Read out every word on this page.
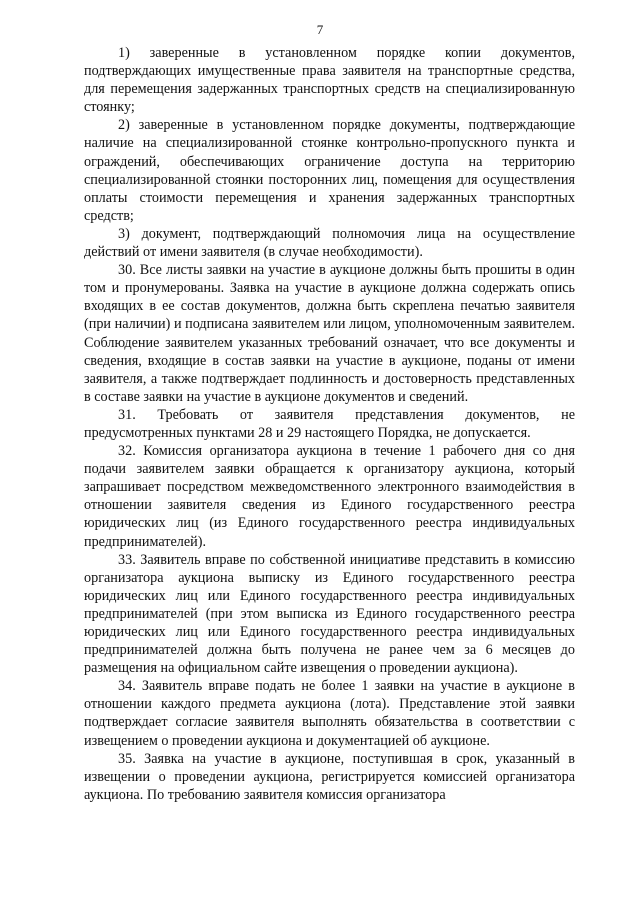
7

1) заверенные в установленном порядке копии документов, подтверждающих имущественные права заявителя на транспортные средства, для перемещения задержанных транспортных средств на специализированную стоянку;

2) заверенные в установленном порядке документы, подтверждающие наличие на специализированной стоянке контрольно-пропускного пункта и ограждений, обеспечивающих ограничение доступа на территорию специализированной стоянки посторонних лиц, помещения для осуществления оплаты стоимости перемещения и хранения задержанных транспортных средств;

3) документ, подтверждающий полномочия лица на осуществление действий от имени заявителя (в случае необходимости).

30. Все листы заявки на участие в аукционе должны быть прошиты в один том и пронумерованы. Заявка на участие в аукционе должна содержать опись входящих в ее состав документов, должна быть скреплена печатью заявителя (при наличии) и подписана заявителем или лицом, уполномоченным заявителем. Соблюдение заявителем указанных требований означает, что все документы и сведения, входящие в состав заявки на участие в аукционе, поданы от имени заявителя, а также подтверждает подлинность и достоверность представленных в составе заявки на участие в аукционе документов и сведений.

31. Требовать от заявителя представления документов, не предусмотренных пунктами 28 и 29 настоящего Порядка, не допускается.

32. Комиссия организатора аукциона в течение 1 рабочего дня со дня подачи заявителем заявки обращается к организатору аукциона, который запрашивает посредством межведомственного электронного взаимодействия в отношении заявителя сведения из Единого государственного реестра юридических лиц (из Единого государственного реестра индивидуальных предпринимателей).

33. Заявитель вправе по собственной инициативе представить в комиссию организатора аукциона выписку из Единого государственного реестра юридических лиц или Единого государственного реестра индивидуальных предпринимателей (при этом выписка из Единого государственного реестра юридических лиц или Единого государственного реестра индивидуальных предпринимателей должна быть получена не ранее чем за 6 месяцев до размещения на официальном сайте извещения о проведении аукциона).

34. Заявитель вправе подать не более 1 заявки на участие в аукционе в отношении каждого предмета аукциона (лота). Представление этой заявки подтверждает согласие заявителя выполнять обязательства в соответствии с извещением о проведении аукциона и документацией об аукционе.

35. Заявка на участие в аукционе, поступившая в срок, указанный в извещении о проведении аукциона, регистрируется комиссией организатора аукциона. По требованию заявителя комиссия организатора
